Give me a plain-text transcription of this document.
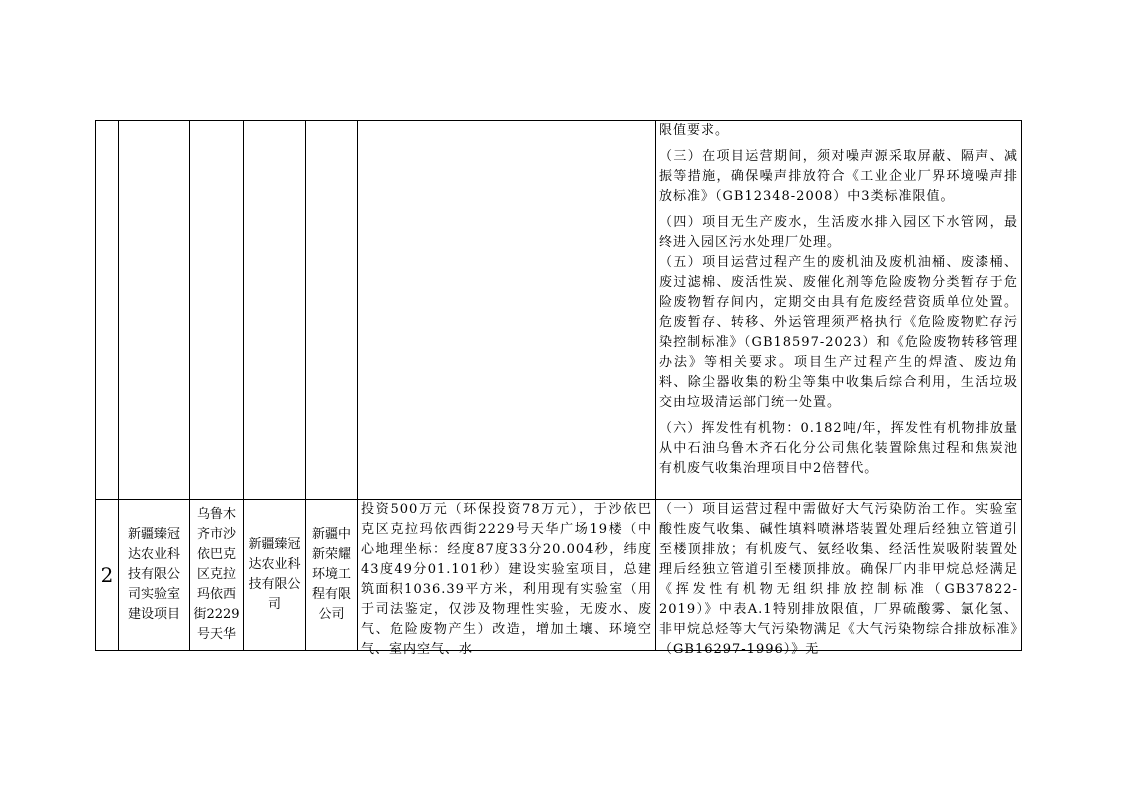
						限值要求。

（三）在项目运营期间，须对噪声源采取屏蔽、隔声、减振等措施，确保噪声排放符合《工业企业厂界环境噪声排放标准》（GB12348-2008）中3类标准限值。

（四）项目无生产废水，生活废水排入园区下水管网，最终进入园区污水处理厂处理。

（五）项目运营过程产生的废机油及废机油桶、废漆桶、废过滤棉、废活性炭、废催化剂等危险废物分类暂存于危险废物暂存间内，定期交由具有危废经营资质单位处置。危废暂存、转移、外运管理须严格执行《危险废物贮存污染控制标准》（GB18597-2023）和《危险废物转移管理办法》等相关要求。项目生产过程产生的焊渣、废边角料、除尘器收集的粉尘等集中收集后综合利用，生活垃圾交由垃圾清运部门统一处置。

（六）挥发性有机物：0.182吨/年，挥发性有机物排放量从中石油乌鲁木齐石化分公司焦化装置除焦过程和焦炭池有机废气收集治理项目中2倍替代。

2	新疆臻冠达农业科技有限公司实验室建设项目	乌鲁木齐市沙依巴克区克拉玛依西街2229号天华	新疆臻冠达农业科技有限公司	新疆中新荣耀环境工程有限公司	投资500万元（环保投资78万元），于沙依巴克区克拉玛依西街2229号天华广场19楼（中心地理坐标：经度87度33分20.004秒，纬度43度49分01.101秒）建设实验室项目，总建筑面积1036.39平方米，利用现有实验室（用于司法鉴定，仅涉及物理性实验，无废水、废气、危险废物产生）改造，增加土壤、环境空气、室内空气、水	（一）项目运营过程中需做好大气污染防治工作。实验室酸性废气收集、碱性填料喷淋塔装置处理后经独立管道引至楼顶排放；有机废气、氨经收集、经活性炭吸附装置处理后经独立管道引至楼顶排放。确保厂内非甲烷总烃满足《挥发性有机物无组织排放控制标准（GB37822-2019）》中表A.1特别排放限值，厂界硫酸雾、氯化氢、非甲烷总烃等大气污染物满足《大气污染物综合排放标准》（GB16297-1996）》无
